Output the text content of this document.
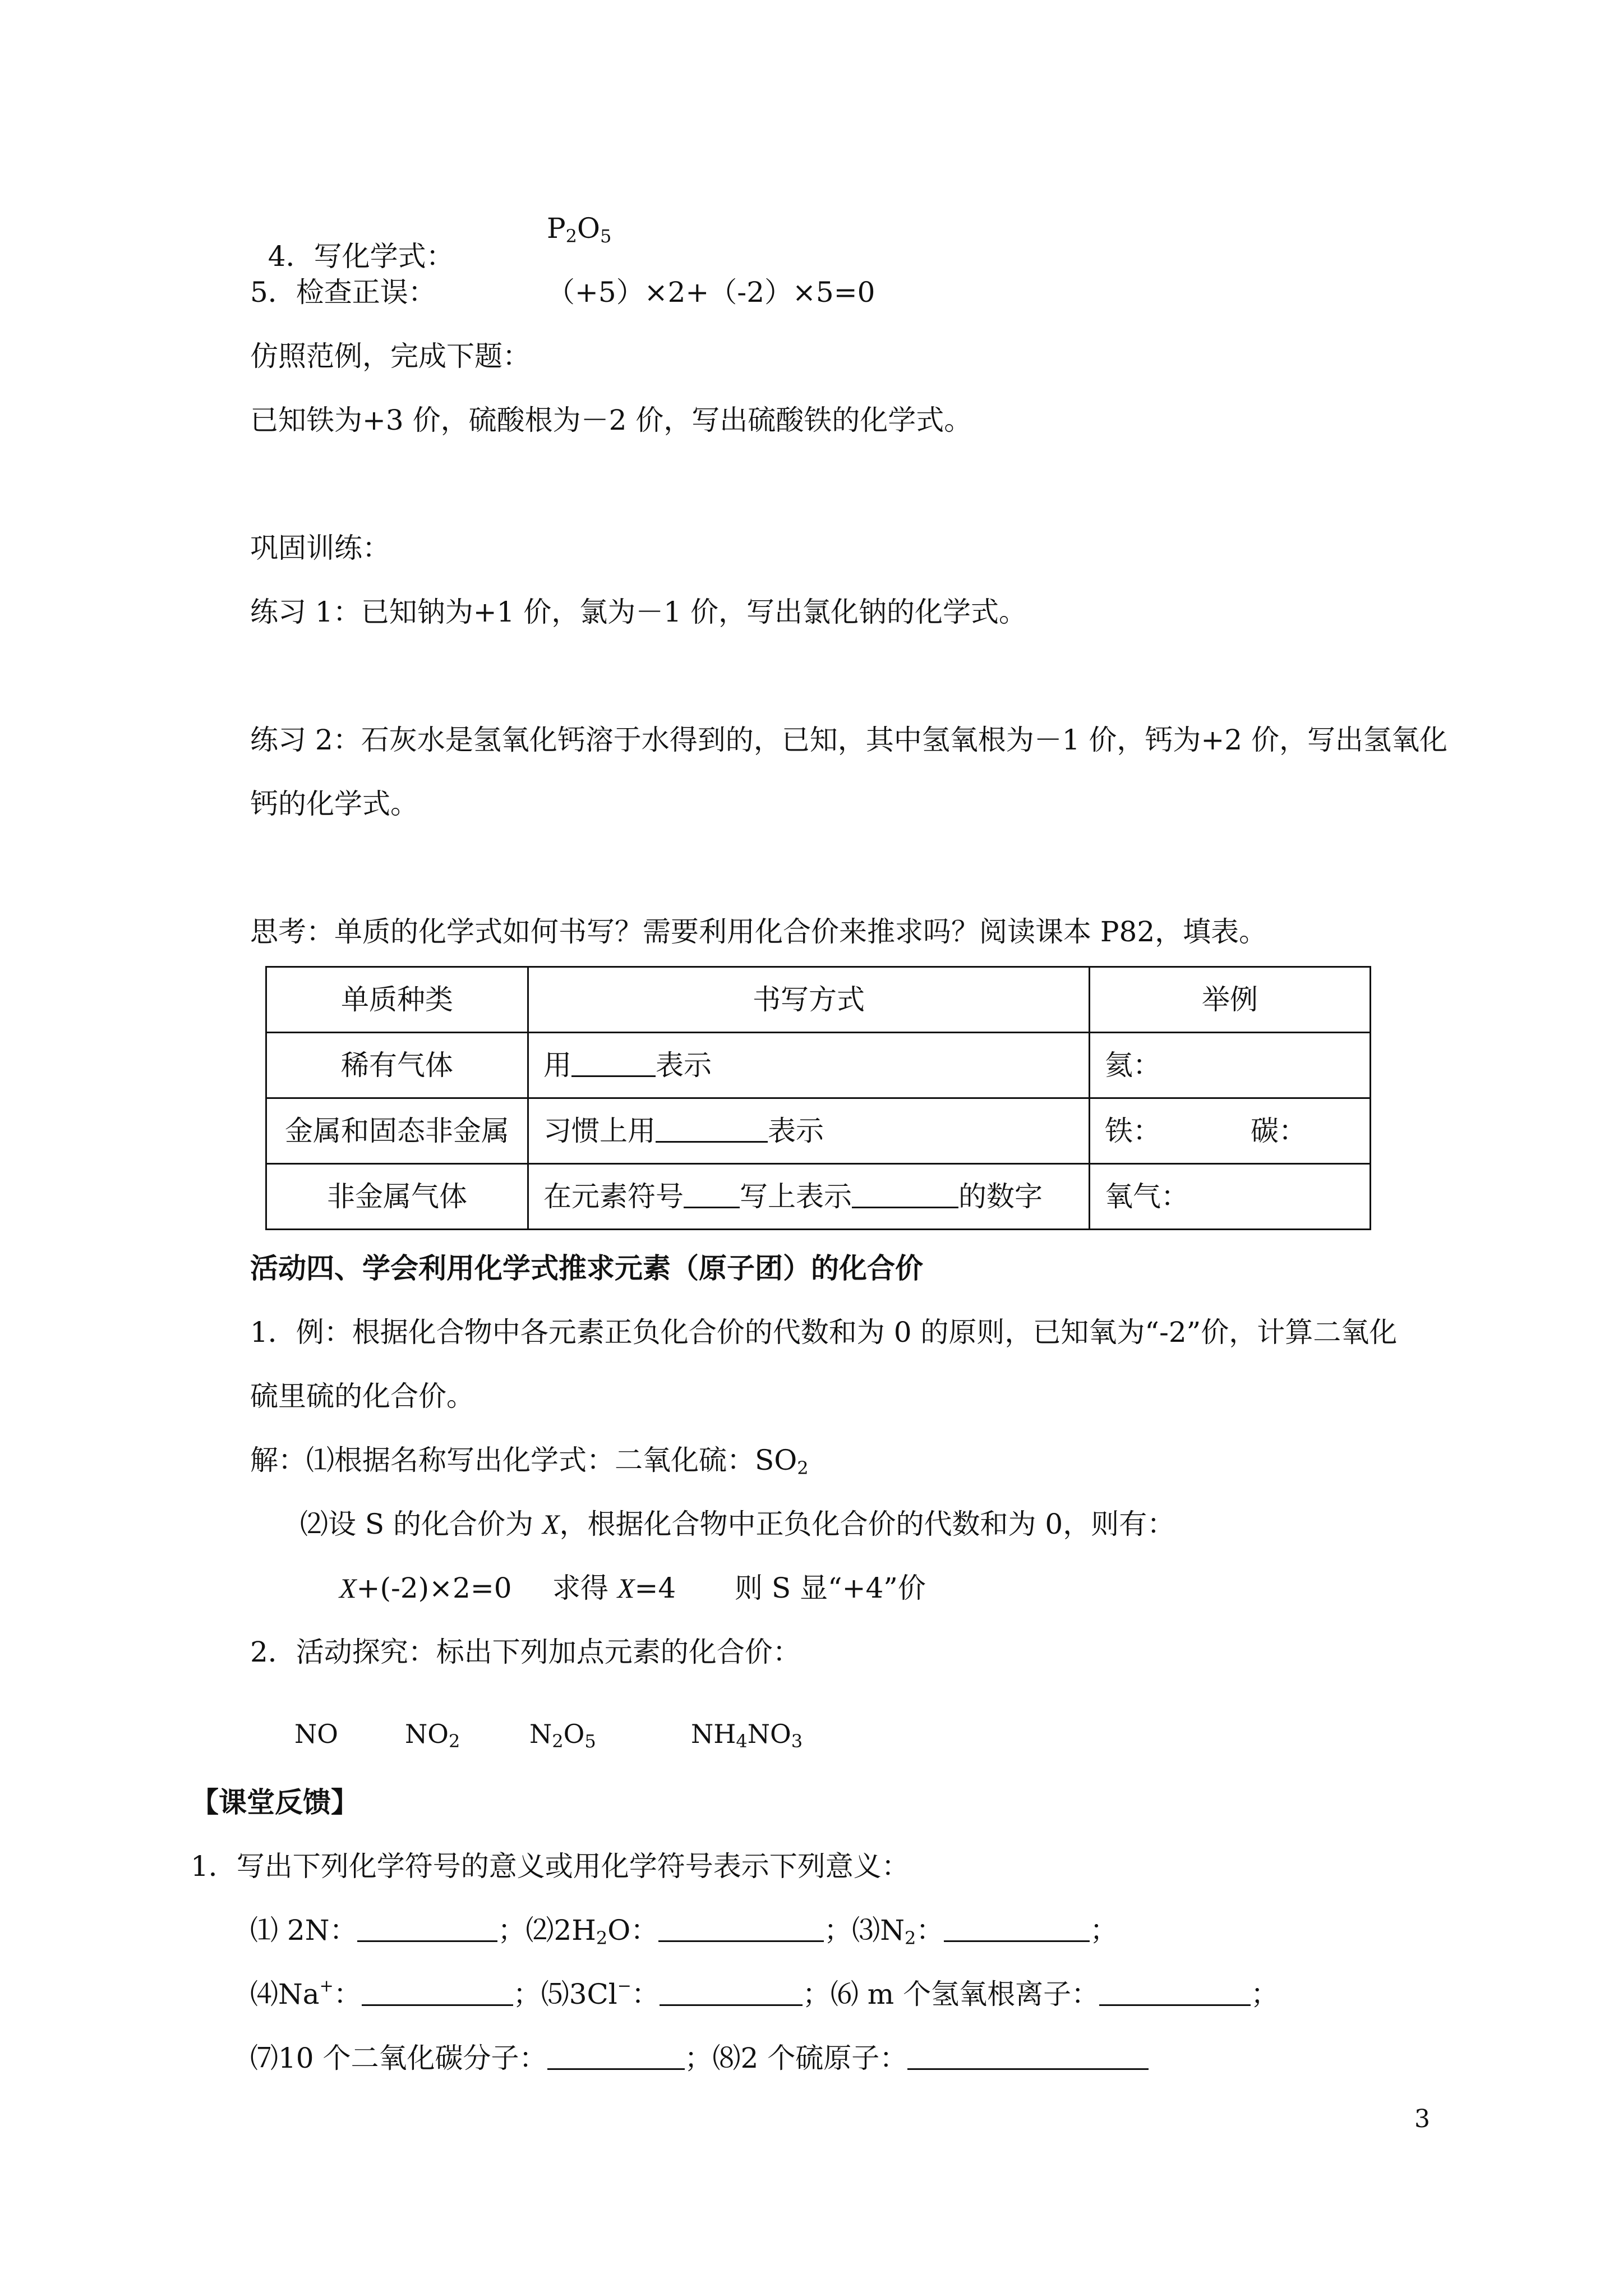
4．写化学式：

$P_2O_5$
5．检查正误：	（+5）×2+（-2）×5=0
仿照范例，完成下题：
已知铁为+3 价，硫酸根为－2 价，写出硫酸铁的化学式。
巩固训练：
练习 1：已知钠为+1 价，氯为－1 价，写出氯化钠的化学式。
练习 2：石灰水是氢氧化钙溶于水得到的，已知，其中氢氧根为－1 价，钙为+2 价，写出氢氧化
钙的化学式。
思考：单质的化学式如何书写？需要利用化合价来推求吗？阅读课本 P82，填表。
单质种类	书写方式	举例
稀有气体	用 表示	氦：
金属和固态非金属	习惯上用 表示	铁： 碳：
非金属气体	在元素符号 写上表示 的数字	氧气：
活动四、学会利用化学式推求元素（原子团）的化合价
1．例：根据化合物中各元素正负化合价的代数和为 0 的原则，已知氧为“-2”价，计算二氧化
硫里硫的化合价。
解：⑴根据名称写出化学式：二氧化硫：$SO_2$
⑵设 S 的化合价为 X，根据化合物中正负化合价的代数和为 0，则有：
X+(-2)×2=0 求得 X=4 则 S 显“+4”价
2．活动探究：标出下列加点元素的化合价：
NO	$NO_2$	$N_2O_5$	$NH_4NO_3$
【课堂反馈】
1．写出下列化学符号的意义或用化学符号表示下列意义：
⑴ 2N：	；$⑵2H_2O$：	；$⑶N_2$：	；
⑷Na+：	；⑸3Cl−：	；⑹ m 个氢氧根离子：	；
⑺10 个二氧化碳分子：	；⑻2 个硫原子：
3
